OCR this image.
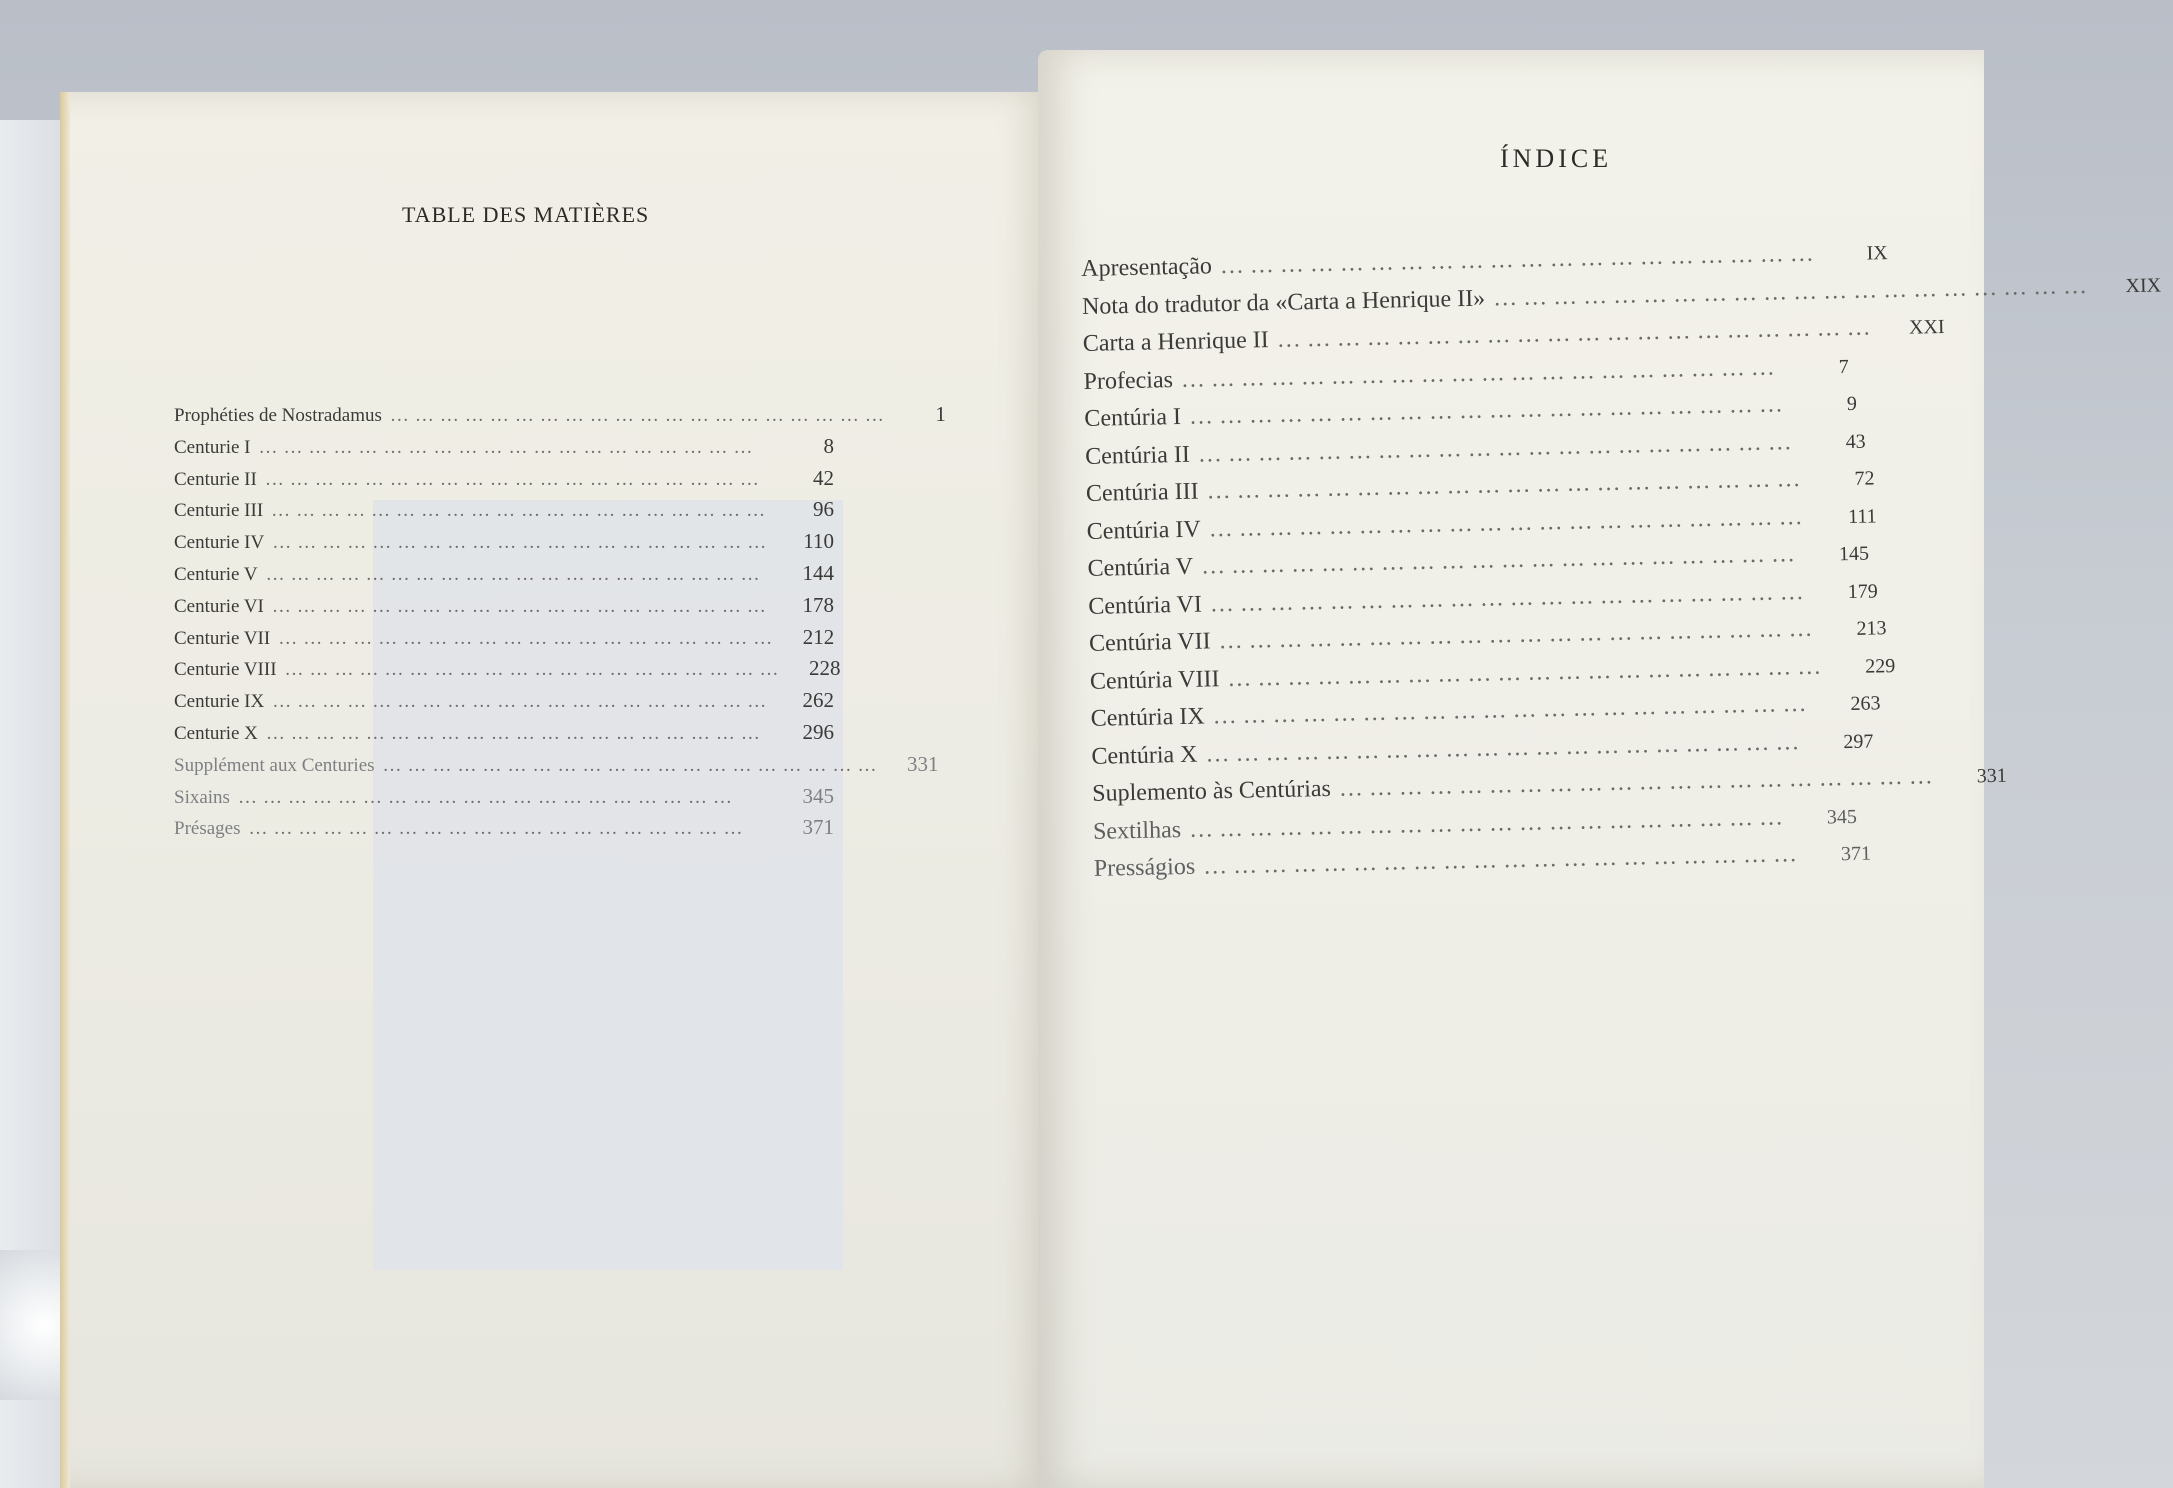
TABLE DES MATIÈRES
Prophéties de Nostradamus ……………………………………………………	1
Centurie I ……………………………………………………	8
Centurie II ……………………………………………………	42
Centurie III ……………………………………………………	96
Centurie IV ……………………………………………………	110
Centurie V ……………………………………………………	144
Centurie VI ……………………………………………………	178
Centurie VII ……………………………………………………	212
Centurie VIII ……………………………………………………	228
Centurie IX ……………………………………………………	262
Centurie X ……………………………………………………	296
Supplément aux Centuries ……………………………………………………	331
Sixains ……………………………………………………	345
Présages ……………………………………………………	371
ÍNDICE
Apresentação ……………………………………………………	IX
Nota do tradutor da «Carta a Henrique II» ……………………………………………………	XIX
Carta a Henrique II ……………………………………………………	XXI
Profecias ……………………………………………………	7
Centúria I ……………………………………………………	9
Centúria II ……………………………………………………	43
Centúria III ……………………………………………………	72
Centúria IV ……………………………………………………	111
Centúria V ……………………………………………………	145
Centúria VI ……………………………………………………	179
Centúria VII ……………………………………………………	213
Centúria VIII ……………………………………………………	229
Centúria IX ……………………………………………………	263
Centúria X ……………………………………………………	297
Suplemento às Centúrias ……………………………………………………	331
Sextilhas ……………………………………………………	345
Presságios ……………………………………………………	371
